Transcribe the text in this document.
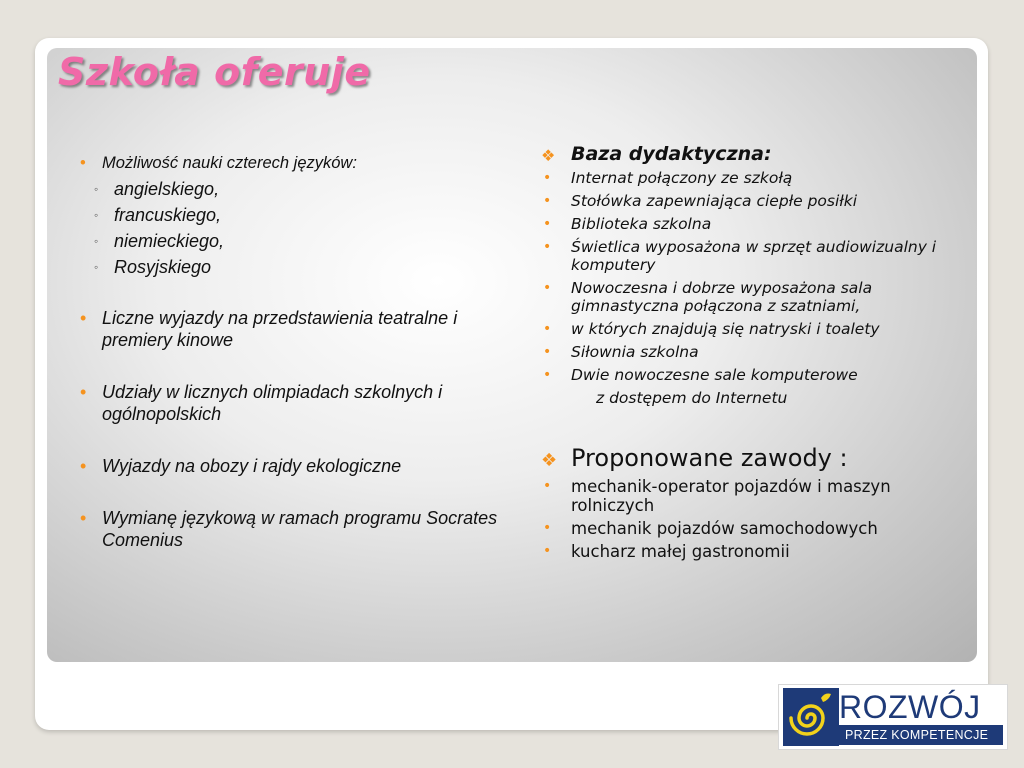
Szkoła oferuje
• Możliwość nauki czterech języków:
◦ angielskiego,
◦ francuskiego,
◦ niemieckiego,
◦ Rosyjskiego
• Liczne wyjazdy na przedstawienia teatralne i premiery kinowe
• Udziały w licznych olimpiadach szkolnych i ogólnopolskich
• Wyjazdy na obozy i rajdy ekologiczne
• Wymianę językową w ramach programu Socrates Comenius
❖ Baza dydaktyczna:
• Internat połączony ze szkołą
• Stołówka zapewniająca ciepłe posiłki
• Biblioteka szkolna
• Świetlica wyposażona w sprzęt audiowizualny i komputery
• Nowoczesna i dobrze wyposażona sala gimnastyczna połączona z szatniami,
• w których znajdują się natryski i toalety
• Siłownia szkolna
• Dwie nowoczesne sale komputerowe
z dostępem do Internetu
❖ Proponowane zawody :
• mechanik-operator pojazdów i maszyn rolniczych
• mechanik pojazdów samochodowych
• kucharz małej gastronomii
ROZWÓJ
PRZEZ KOMPETENCJE
